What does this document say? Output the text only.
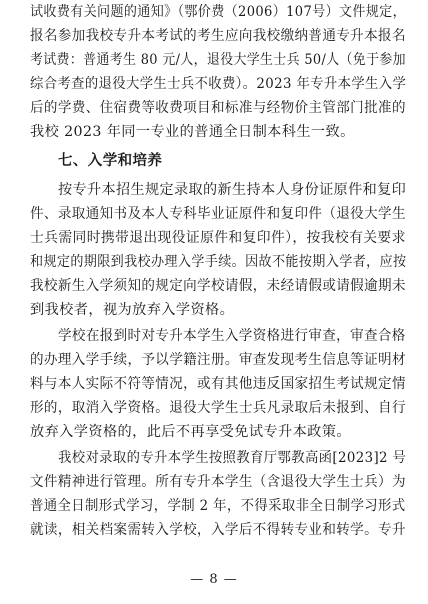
试收费有关问题的通知》（鄂价费（2006）107号）文件规定，
报名参加我校专升本考试的考生应向我校缴纳普通专升本报名
考试费：普通考生 80 元/人，退役大学生士兵 50/人（免于参加
综合考查的退役大学生士兵不收费）。2023 年专升本学生入学
后的学费、住宿费等收费项目和标准与经物价主管部门批准的
我校 2023 年同一专业的普通全日制本科生一致。
七、入学和培养
按专升本招生规定录取的新生持本人身份证原件和复印
件、录取通知书及本人专科毕业证原件和复印件（退役大学生
士兵需同时携带退出现役证原件和复印件），按我校有关要求
和规定的期限到我校办理入学手续。因故不能按期入学者，应按
我校新生入学须知的规定向学校请假，未经请假或请假逾期未
到我校者，视为放弃入学资格。
学校在报到时对专升本学生入学资格进行审查，审查合格
的办理入学手续，予以学籍注册。审查发现考生信息等证明材
料与本人实际不符等情况，或有其他违反国家招生考试规定情
形的，取消入学资格。退役大学生士兵凡录取后未报到、自行
放弃入学资格的，此后不再享受免试专升本政策。
我校对录取的专升本学生按照教育厅鄂教高函[2023]2 号
文件精神进行管理。所有专升本学生（含退役大学生士兵）为
普通全日制形式学习，学制 2 年，不得采取非全日制学习形式
就读，相关档案需转入学校，入学后不得转专业和转学。专升
— 8 —
